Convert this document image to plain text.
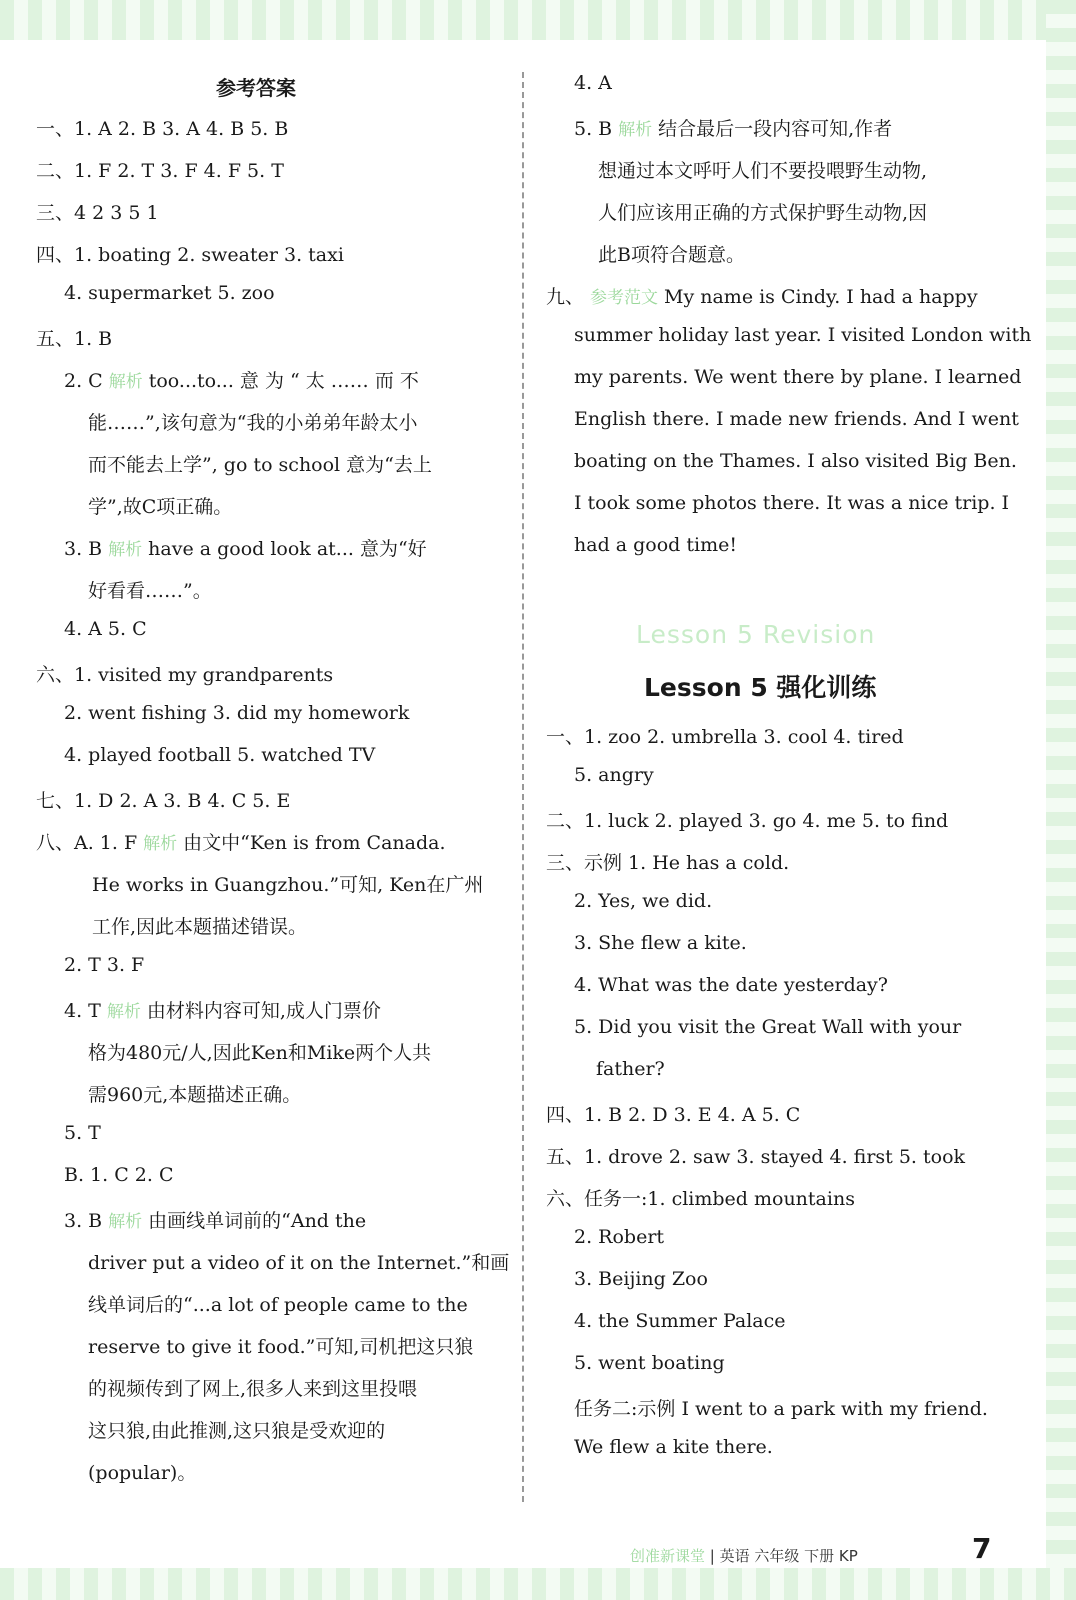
参考答案
一、1. A 2. B 3. A 4. B 5. B
二、1. F 2. T 3. F 4. F 5. T
三、4 2 3 5 1
四、1. boating 2. sweater 3. taxi
4. supermarket 5. zoo
五、1. B
2. C 解析 too...to... 意 为 “ 太 …… 而 不
能……”,该句意为“我的小弟弟年龄太小
而不能去上学”, go to school 意为“去上
学”,故C项正确。
3. B 解析 have a good look at... 意为“好
好看看……”。
4. A 5. C
六、1. visited my grandparents
2. went fishing 3. did my homework
4. played football 5. watched TV
七、1. D 2. A 3. B 4. C 5. E
八、A. 1. F 解析 由文中“Ken is from Canada.
He works in Guangzhou.”可知, Ken在广州
工作,因此本题描述错误。
2. T 3. F
4. T 解析 由材料内容可知,成人门票价
格为480元/人,因此Ken和Mike两个人共
需960元,本题描述正确。
5. T
B. 1. C 2. C
3. B 解析 由画线单词前的“And the
driver put a video of it on the Internet.”和画
线单词后的“...a lot of people came to the
reserve to give it food.”可知,司机把这只狼
的视频传到了网上,很多人来到这里投喂
这只狼,由此推测,这只狼是受欢迎的
(popular)。
4. A
5. B 解析 结合最后一段内容可知,作者
想通过本文呼吁人们不要投喂野生动物,
人们应该用正确的方式保护野生动物,因
此B项符合题意。
九、 参考范文 My name is Cindy. I had a happy
summer holiday last year. I visited London with
my parents. We went there by plane. I learned
English there. I made new friends. And I went
boating on the Thames. I also visited Big Ben.
I took some photos there. It was a nice trip. I
had a good time!
Lesson 5 Revision
Lesson 5 强化训练
一、1. zoo 2. umbrella 3. cool 4. tired
5. angry
二、1. luck 2. played 3. go 4. me 5. to find
三、示例 1. He has a cold.
2. Yes, we did.
3. She flew a kite.
4. What was the date yesterday?
5. Did you visit the Great Wall with your
father?
四、1. B 2. D 3. E 4. A 5. C
五、1. drove 2. saw 3. stayed 4. first 5. took
六、任务一:1. climbed mountains
2. Robert
3. Beijing Zoo
4. the Summer Palace
5. went boating
任务二:示例 I went to a park with my friend.
We flew a kite there.
创准新课堂 | 英语 六年级 下册 KP	7
